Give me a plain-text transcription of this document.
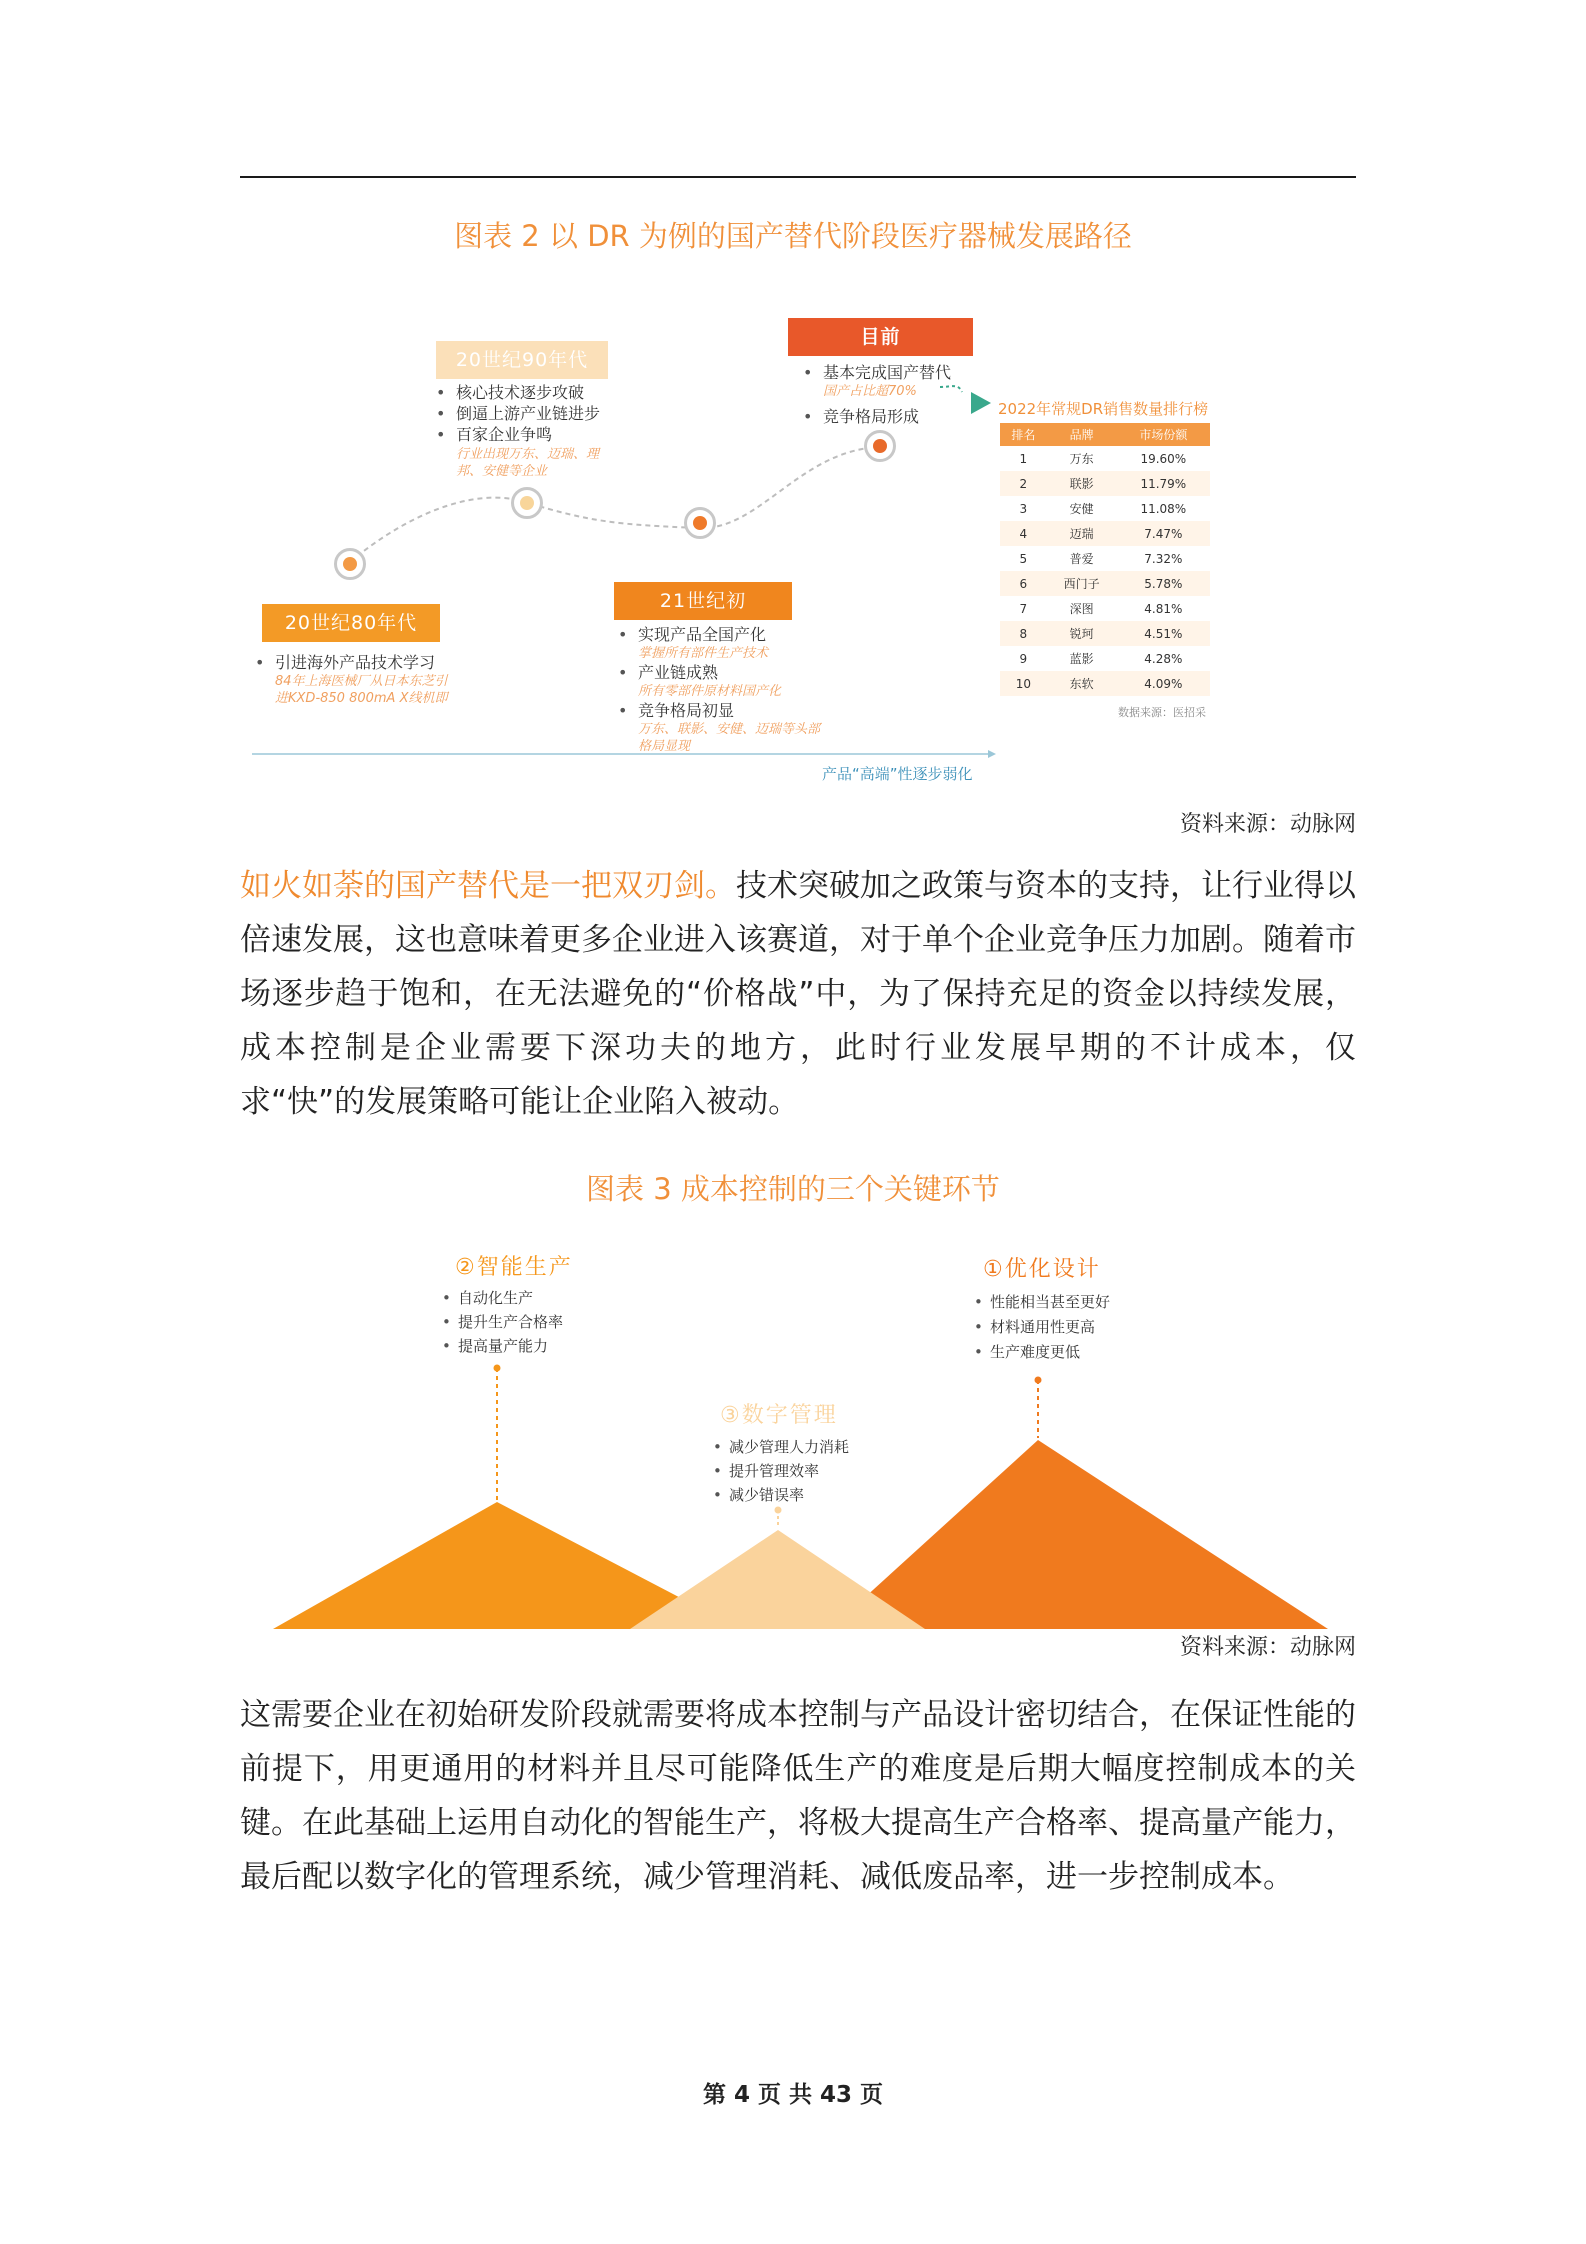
图表 2 以 DR 为例的国产替代阶段医疗器械发展路径
20世纪90年代
• 核心技术逐步攻破
• 倒逼上游产业链进步
• 百家企业争鸣
行业出现万东、迈瑞、理邦、安健等企业
20世纪80年代
• 引进海外产品技术学习
84年上海医械厂从日本东芝引进KXD-850 800mA X线机即
21世纪初
• 实现产品全国产化
掌握所有部件生产技术
• 产业链成熟
所有零部件原材料国产化
• 竞争格局初显
万东、联影、安健、迈瑞等头部格局显现
目前
• 基本完成国产替代
国产占比超70%
• 竞争格局形成
产品“高端”性逐步弱化
2022年常规DR销售数量排行榜
排名	品牌	市场份额
1	万东	19.60%
2	联影	11.79%
3	安健	11.08%
4	迈瑞	7.47%
5	普爱	7.32%
6	西门子	5.78%
7	深图	4.81%
8	锐珂	4.51%
9	蓝影	4.28%
10	东软	4.09%
数据来源：医招采
资料来源：动脉网
如火如荼的国产替代是一把双刃剑。技术突破加之政策与资本的支持，让行业得以倍速发展，这也意味着更多企业进入该赛道，对于单个企业竞争压力加剧。随着市场逐步趋于饱和，在无法避免的“价格战”中，为了保持充足的资金以持续发展，成本控制是企业需要下深功夫的地方，此时行业发展早期的不计成本，仅求“快”的发展策略可能让企业陷入被动。
图表 3 成本控制的三个关键环节
②智能生产
• 自动化生产
• 提升生产合格率
• 提高量产能力
①优化设计
• 性能相当甚至更好
• 材料通用性更高
• 生产难度更低
③数字管理
• 减少管理人力消耗
• 提升管理效率
• 减少错误率
资料来源：动脉网
这需要企业在初始研发阶段就需要将成本控制与产品设计密切结合，在保证性能的前提下，用更通用的材料并且尽可能降低生产的难度是后期大幅度控制成本的关键。在此基础上运用自动化的智能生产，将极大提高生产合格率、提高量产能力，最后配以数字化的管理系统，减少管理消耗、减低废品率，进一步控制成本。
第 4 页 共 43 页
